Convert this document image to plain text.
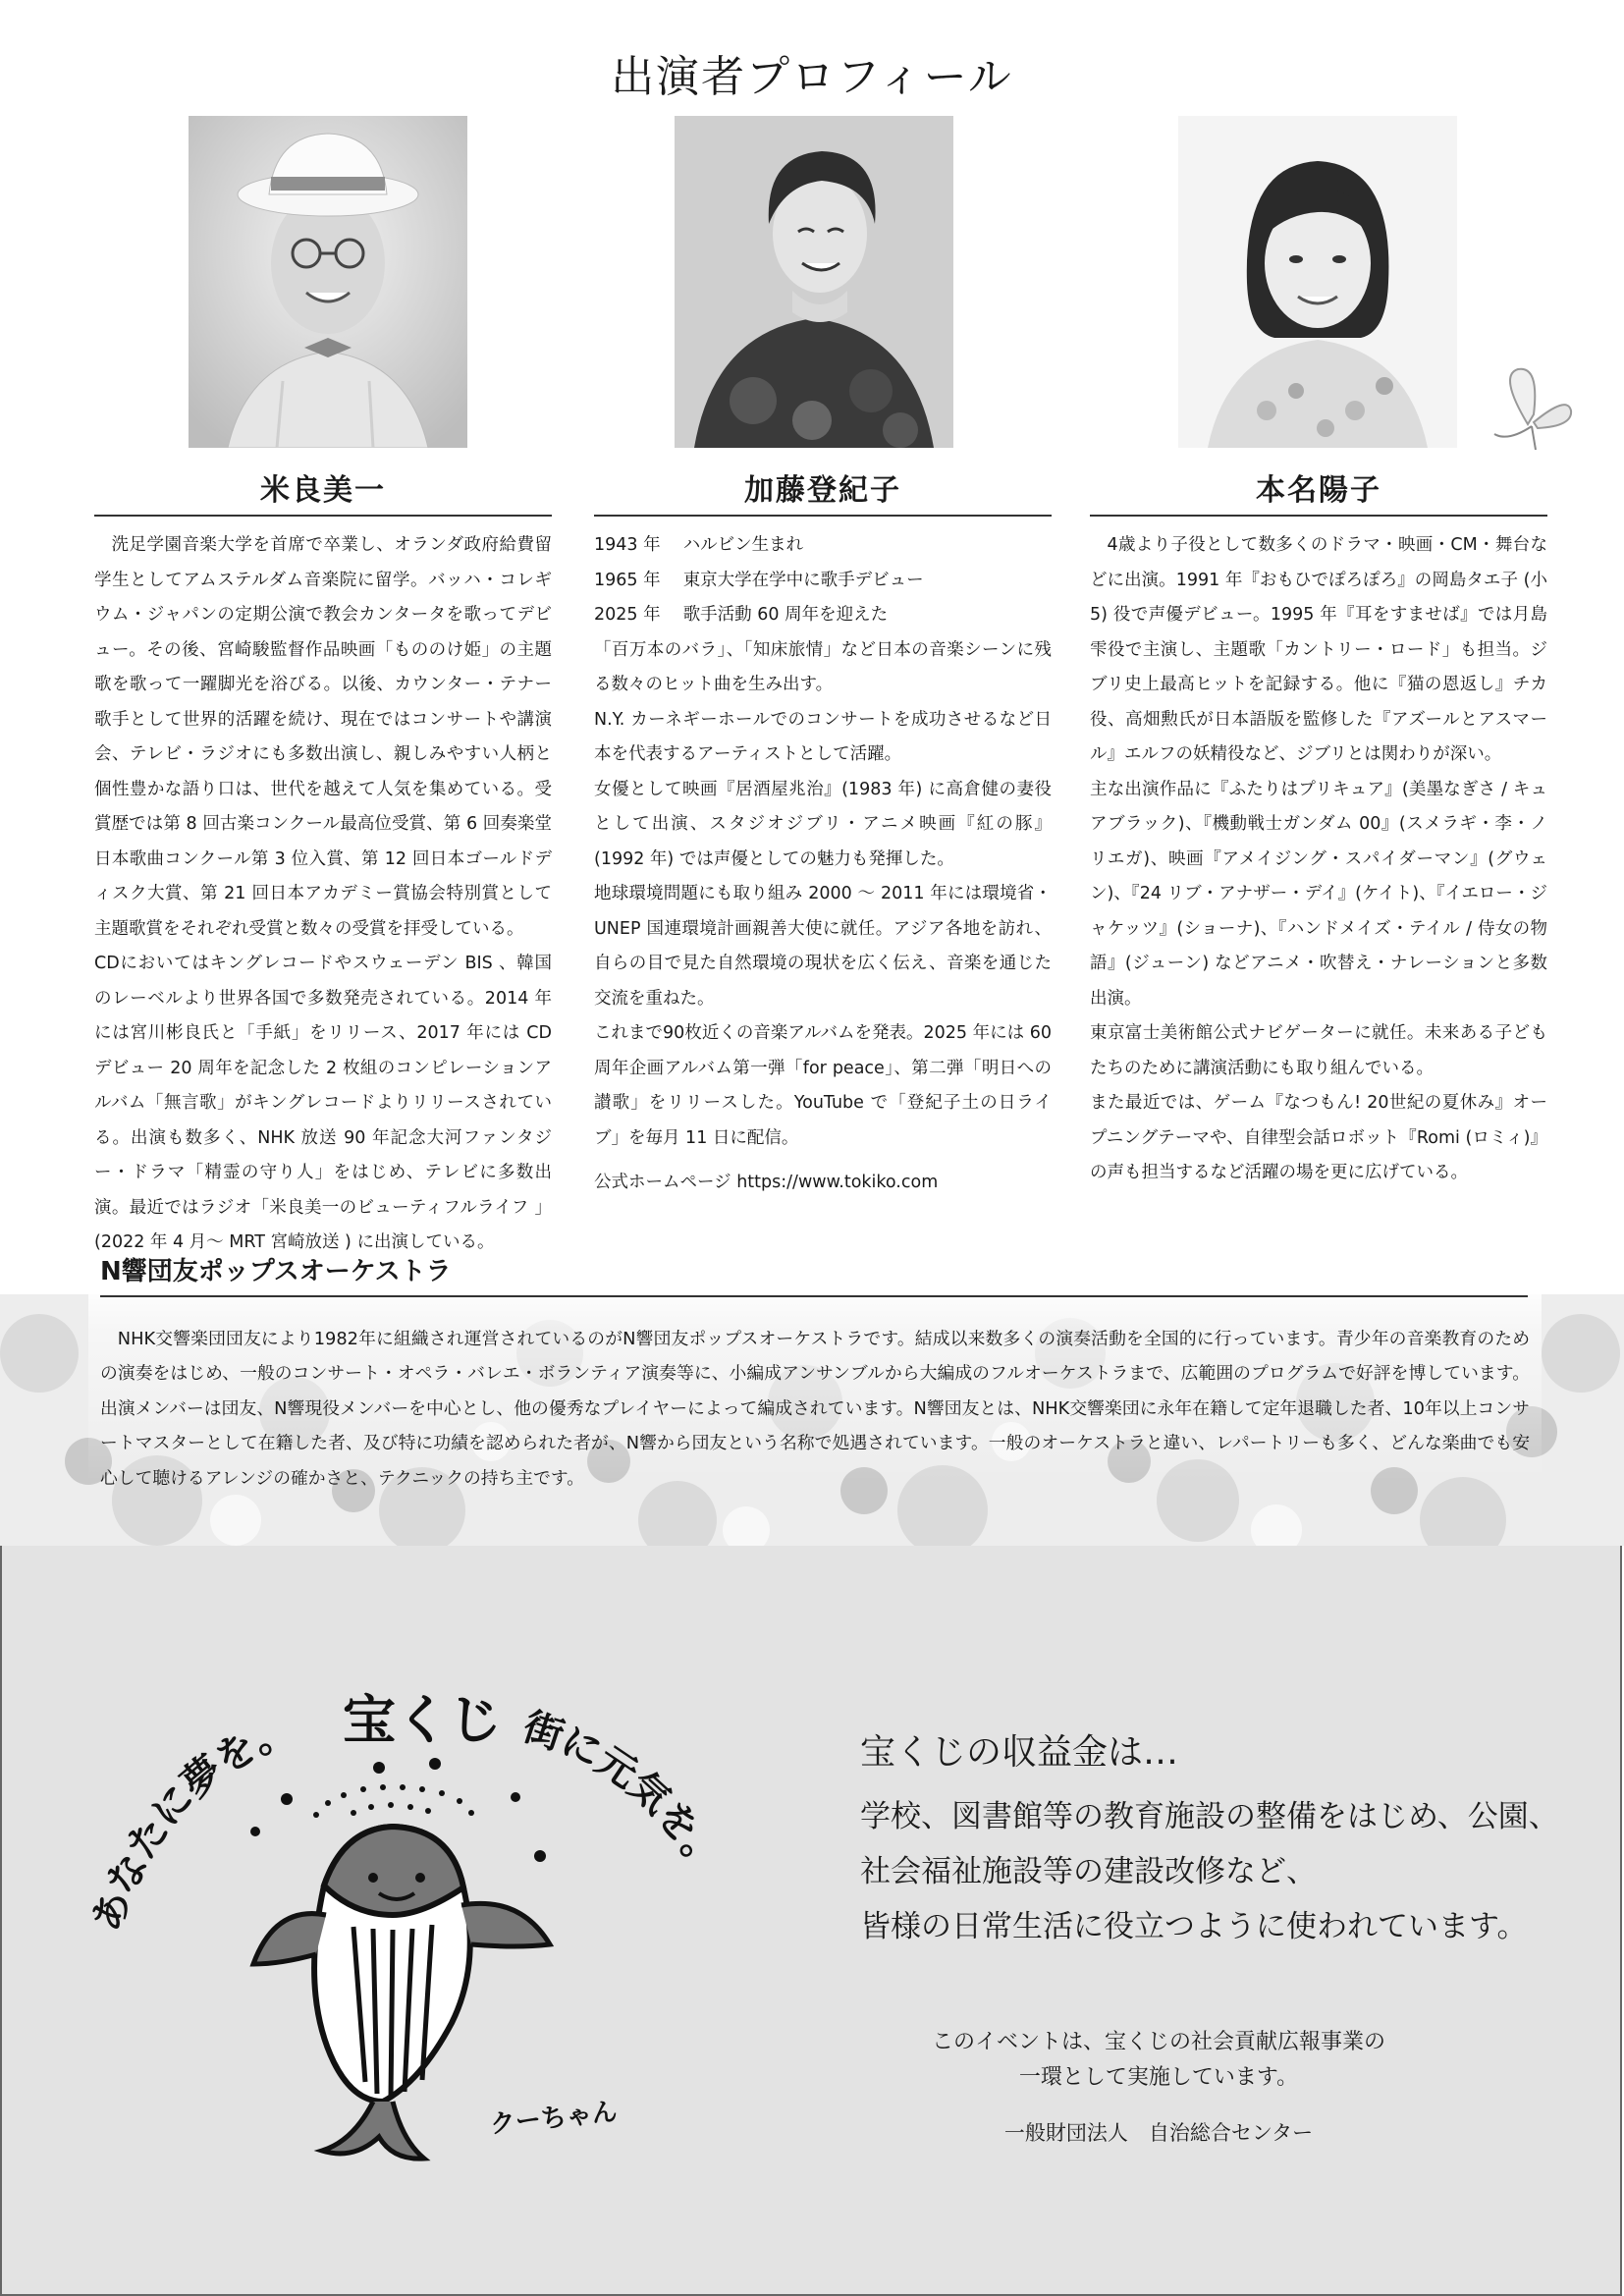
出演者プロフィール
米良美一	加藤登紀子	本名陽子

洗足学園音楽大学を首席で卒業し、オランダ政府給費留学生としてアムステルダム音楽院に留学。バッハ・コレギウム・ジャパンの定期公演で教会カンタータを歌ってデビュー。その後、宮崎駿監督作品映画「もののけ姫」の主題歌を歌って一躍脚光を浴びる。以後、カウンター・テナー歌手として世界的活躍を続け、現在ではコンサートや講演会、テレビ・ラジオにも多数出演し、親しみやすい人柄と個性豊かな語り口は、世代を越えて人気を集めている。受賞歴では第 8 回古楽コンクール最高位受賞、第 6 回奏楽堂日本歌曲コンクール第 3 位入賞、第 12 回日本ゴールドディスク大賞、第 21 回日本アカデミー賞協会特別賞として主題歌賞をそれぞれ受賞と数々の受賞を拝受している。

CDにおいてはキングレコードやスウェーデン BIS 、韓国のレーベルより世界各国で多数発売されている。2014 年には宮川彬良氏と「手紙」をリリース、2017 年には CD デビュー 20 周年を記念した 2 枚組のコンピレーションアルバム「無言歌」がキングレコードよりリリースされている。出演も数多く、NHK 放送 90 年記念大河ファンタジー・ドラマ「精霊の守り人」をはじめ、テレビに多数出演。最近ではラジオ「米良美一のビューティフルライフ 」(2022 年 4 月～ MRT 宮崎放送 ) に出演している。

1943 年　 ハルビン生まれ

1965 年　 東京大学在学中に歌手デビュー

2025 年　 歌手活動 60 周年を迎えた

「百万本のバラ」、「知床旅情」など日本の音楽シーンに残る数々のヒット曲を生み出す。

N.Y. カーネギーホールでのコンサートを成功させるなど日本を代表するアーティストとして活躍。

女優として映画『居酒屋兆治』(1983 年) に高倉健の妻役として出演、スタジオジブリ・アニメ映画『紅の豚』(1992 年) では声優としての魅力も発揮した。

地球環境問題にも取り組み 2000 ～ 2011 年には環境省・UNEP 国連環境計画親善大使に就任。アジア各地を訪れ、自らの目で見た自然環境の現状を広く伝え、音楽を通じた交流を重ねた。

これまで90枚近くの音楽アルバムを発表。2025 年には 60 周年企画アルバム第一弾「for peace」、第二弾「明日への讃歌」をリリースした。YouTube で「登紀子土の日ライブ」を毎月 11 日に配信。

公式ホームページ https://www.tokiko.com

4歳より子役として数多くのドラマ・映画・CM・舞台などに出演。1991 年『おもひでぽろぽろ』の岡島タエ子 (小5) 役で声優デビュー。1995 年『耳をすませば』では月島雫役で主演し、主題歌「カントリー・ロード」も担当。ジブリ史上最高ヒットを記録する。他に『猫の恩返し』チカ役、高畑勲氏が日本語版を監修した『アズールとアスマール』エルフの妖精役など、ジブリとは関わりが深い。

主な出演作品に『ふたりはプリキュア』(美墨なぎさ / キュアブラック)、『機動戦士ガンダム 00』(スメラギ・李・ノリエガ)、映画『アメイジング・スパイダーマン』(グウェン)、『24 リブ・アナザー・デイ』(ケイト)、『イエロー・ジャケッツ』(ショーナ)、『ハンドメイズ・テイル / 侍女の物語』(ジューン) などアニメ・吹替え・ナレーションと多数出演。

東京富士美術館公式ナビゲーターに就任。未来ある子どもたちのために講演活動にも取り組んでいる。

また最近では、ゲーム『なつもん! 20世紀の夏休み』オープニングテーマや、自律型会話ロボット『Romi (ロミィ)』の声も担当するなど活躍の場を更に広げている。

N響団友ポップスオーケストラ

NHK交響楽団団友により1982年に組織され運営されているのがN響団友ポップスオーケストラです。結成以来数多くの演奏活動を全国的に行っています。青少年の音楽教育のための演奏をはじめ、一般のコンサート・オペラ・バレエ・ボランティア演奏等に、小編成アンサンブルから大編成のフルオーケストラまで、広範囲のプログラムで好評を博しています。出演メンバーは団友、N響現役メンバーを中心とし、他の優秀なプレイヤーによって編成されています。N響団友とは、NHK交響楽団に永年在籍して定年退職した者、10年以上コンサートマスターとして在籍した者、及び特に功績を認められた者が、N響から団友という名称で処遇されています。一般のオーケストラと違い、レパートリーも多く、どんな楽曲でも安心して聴けるアレンジの確かさと、テクニックの持ち主です。

あなたに夢を。 宝くじ 街に元気を。
クーちゃん
宝くじの収益金は…
学校、図書館等の教育施設の整備をはじめ、公園、
社会福祉施設等の建設改修など、
皆様の日常生活に役立つように使われています。
このイベントは、宝くじの社会貢献広報事業の
一環として実施しています。
一般財団法人　自治総合センター
